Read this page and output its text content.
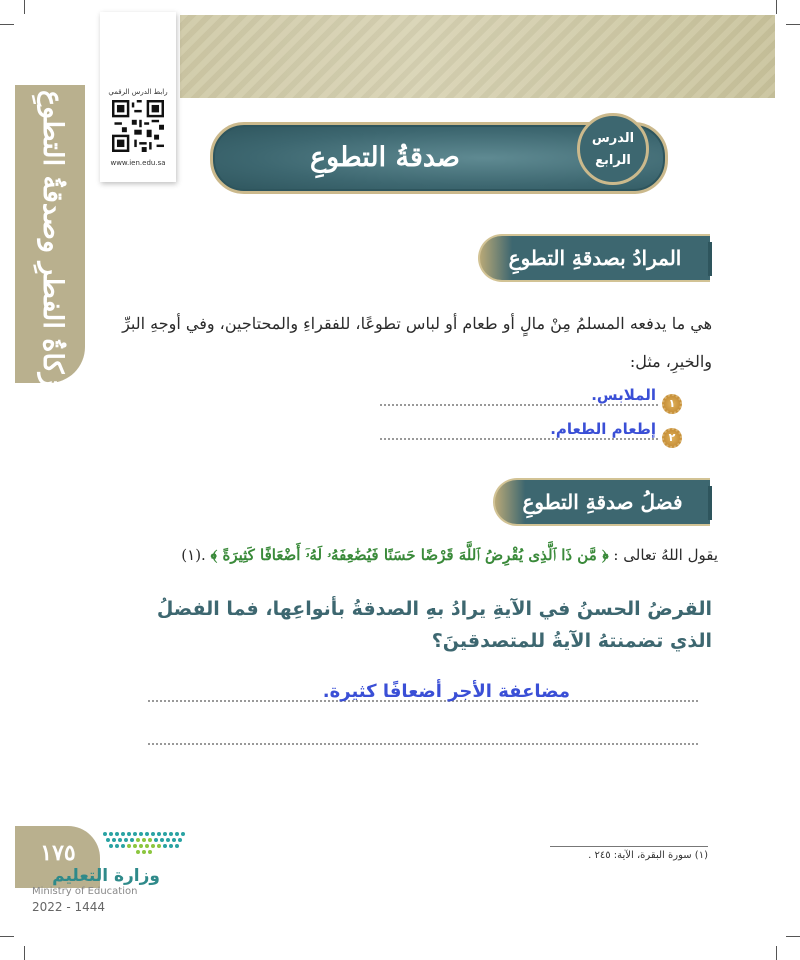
زكاةُ الفطرِ وصدقةُ التطوعِ	رابط الدرس الرقمي
www.ien.edu.sa	صدقةُ التطوعِ
الدرس
الرابع
المرادُ بصدقةِ التطوعِ
هي ما يدفعه المسلمُ مِنْ مالٍ أو طعام أو لباس تطوعًا، للفقراءِ والمحتاجين، وفي أوجهِ البرِّ والخيرِ، مثل:
١
الملابس.
٢
إطعام الطعام.
فضلُ صدقةِ التطوعِ
يقول اللهُ تعالى : ﴿ مَّن ذَا ٱلَّذِى يُقْرِضُ ٱللَّهَ قَرْضًا حَسَنًا فَيُضَٰعِفَهُۥ لَهُۥٓ أَضْعَافًا كَثِيرَةً ﴾ .(١)
القرضُ الحسنُ في الآيةِ يرادُ بهِ الصدقةُ بأنواعِها، فما الفضلُ الذي تضمنتهُ الآيةُ للمتصدقينَ؟
مضاعفة الأجر أضعافًا كثيرة.
(١) سورة البقرة، الآية: ٢٤٥ .
١٧٥
وزارة التعليم
Ministry of Education
2022 - 1444
